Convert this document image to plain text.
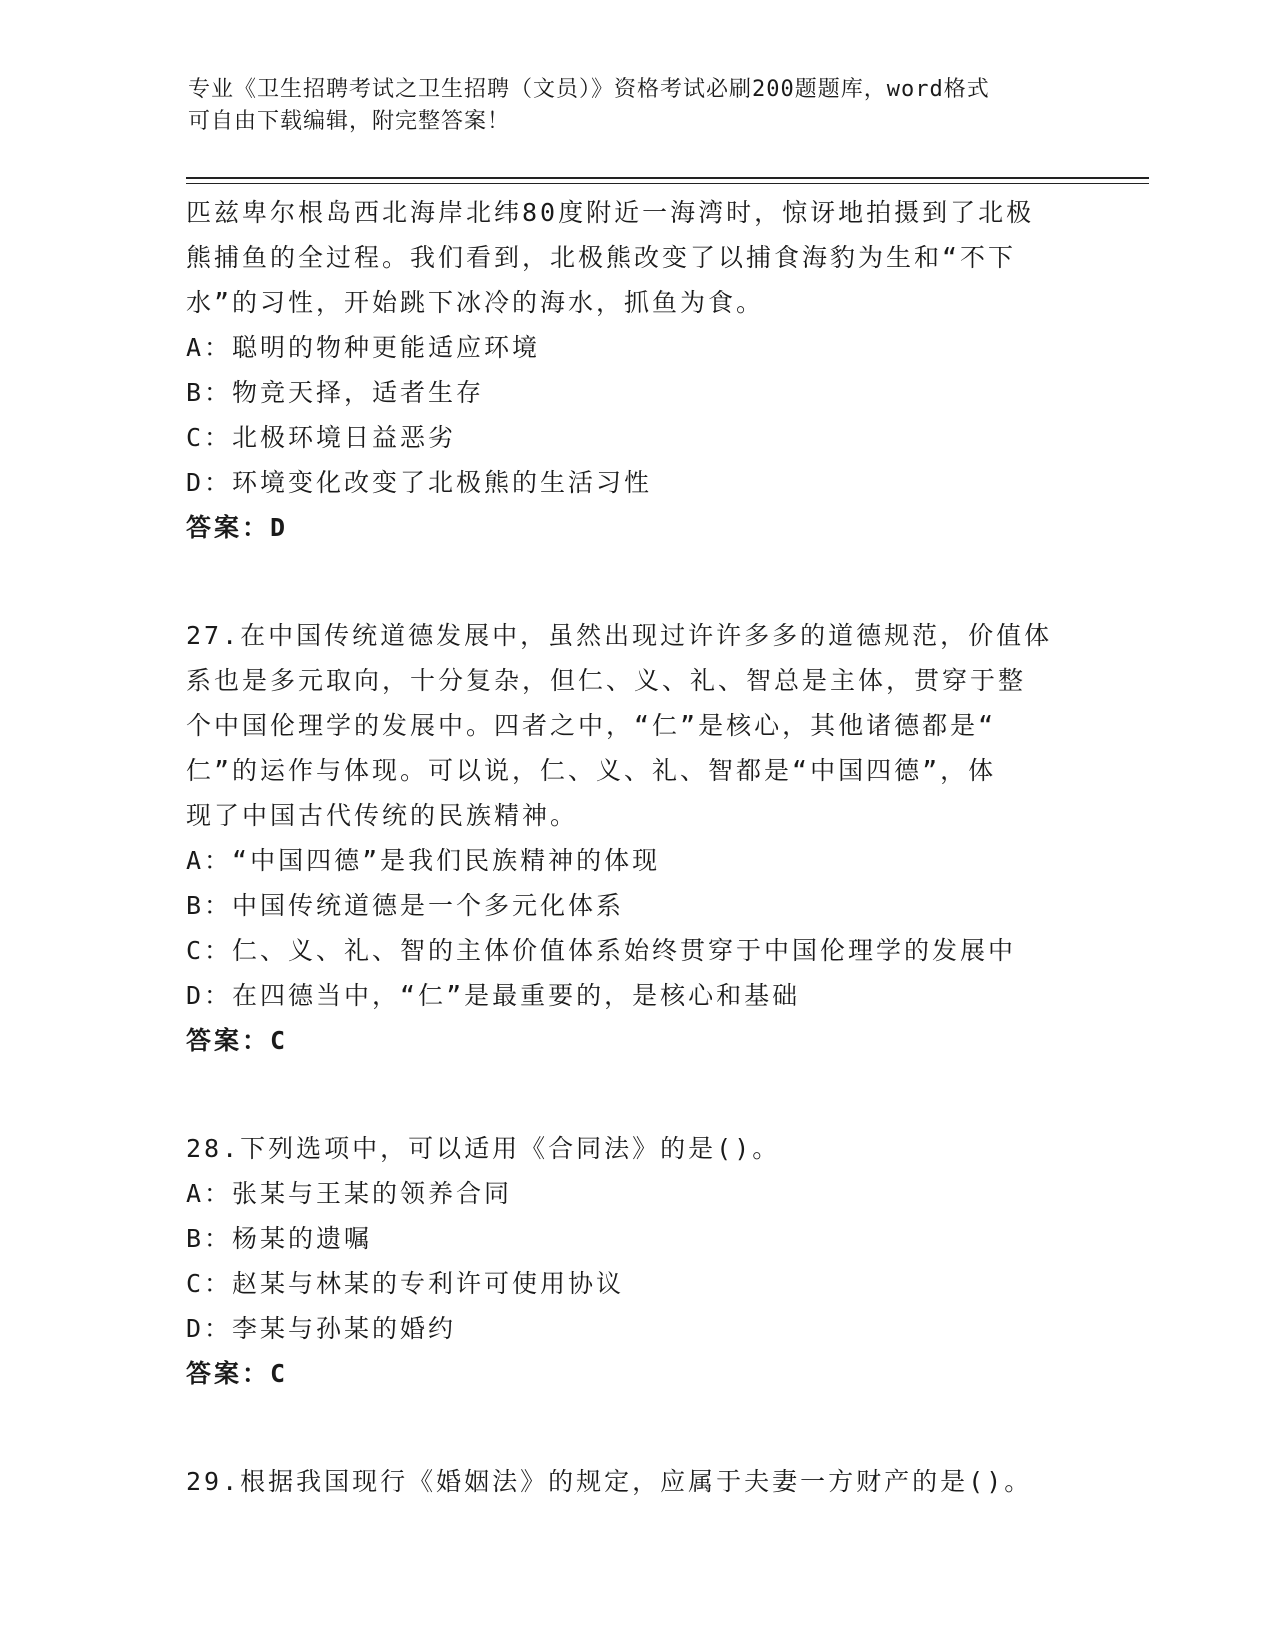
专业《卫生招聘考试之卫生招聘（文员）》资格考试必刷200题题库，word格式
可自由下载编辑，附完整答案！

匹兹卑尔根岛西北海岸北纬80度附近一海湾时，惊讶地拍摄到了北极

熊捕鱼的全过程。我们看到，北极熊改变了以捕食海豹为生和“不下

水”的习性，开始跳下冰冷的海水，抓鱼为食。

A：聪明的物种更能适应环境

B：物竞天择，适者生存

C：北极环境日益恶劣

D：环境变化改变了北极熊的生活习性

答案：D

27.在中国传统道德发展中，虽然出现过许许多多的道德规范，价值体

系也是多元取向，十分复杂，但仁、义、礼、智总是主体，贯穿于整

个中国伦理学的发展中。四者之中，“仁”是核心，其他诸德都是“

仁”的运作与体现。可以说，仁、义、礼、智都是“中国四德”，体

现了中国古代传统的民族精神。

A：“中国四德”是我们民族精神的体现

B：中国传统道德是一个多元化体系

C：仁、义、礼、智的主体价值体系始终贯穿于中国伦理学的发展中

D：在四德当中，“仁”是最重要的，是核心和基础

答案：C

28.下列选项中，可以适用《合同法》的是()。

A：张某与王某的领养合同

B：杨某的遗嘱

C：赵某与林某的专利许可使用协议

D：李某与孙某的婚约

答案：C

29.根据我国现行《婚姻法》的规定，应属于夫妻一方财产的是()。
